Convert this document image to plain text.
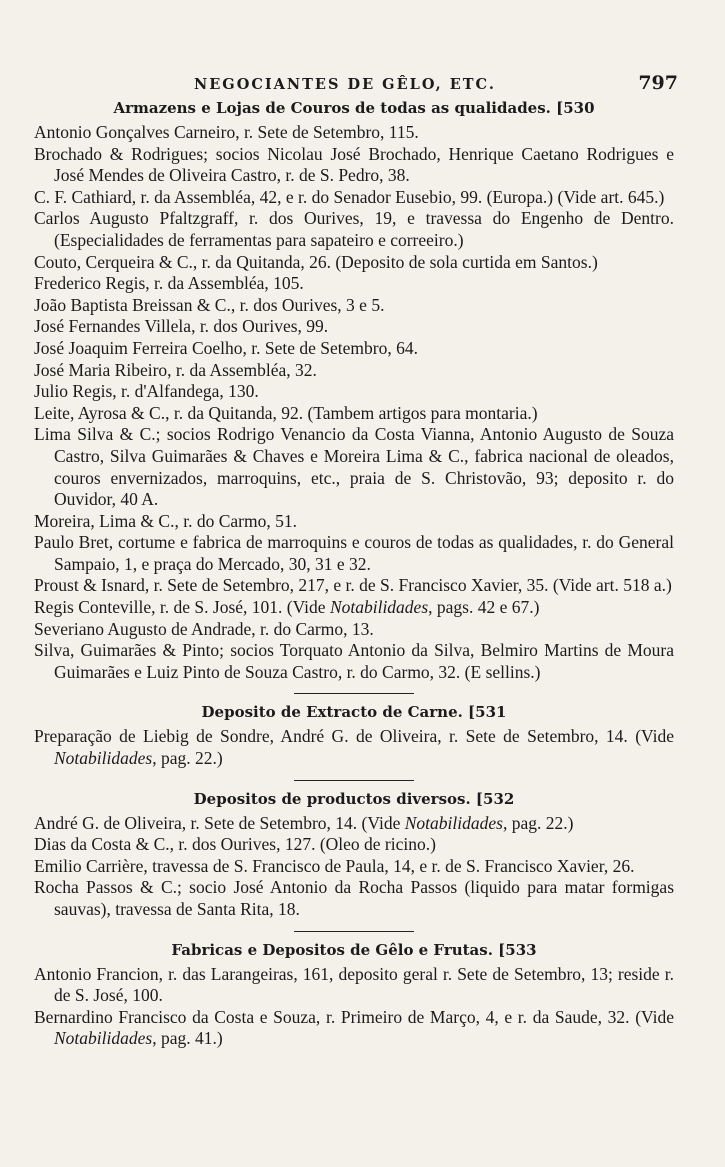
NEGOCIANTES DE GÊLO, ETC.	797
Armazens e Lojas de Couros de todas as qualidades. [530
Antonio Gonçalves Carneiro, r. Sete de Setembro, 115.
Brochado & Rodrigues; socios Nicolau José Brochado, Henrique Caetano Rodrigues e José Mendes de Oliveira Castro, r. de S. Pedro, 38.
C. F. Cathiard, r. da Assembléa, 42, e r. do Senador Eusebio, 99. (Europa.) (Vide art. 645.)
Carlos Augusto Pfaltzgraff, r. dos Ourives, 19, e travessa do Engenho de Dentro. (Especialidades de ferramentas para sapateiro e correeiro.)
Couto, Cerqueira & C., r. da Quitanda, 26. (Deposito de sola curtida em Santos.)
Frederico Regis, r. da Assembléa, 105.
João Baptista Breissan & C., r. dos Ourives, 3 e 5.
José Fernandes Villela, r. dos Ourives, 99.
José Joaquim Ferreira Coelho, r. Sete de Setembro, 64.
José Maria Ribeiro, r. da Assembléa, 32.
Julio Regis, r. d'Alfandega, 130.
Leite, Ayrosa & C., r. da Quitanda, 92. (Tambem artigos para montaria.)
Lima Silva & C.; socios Rodrigo Venancio da Costa Vianna, Antonio Augusto de Souza Castro, Silva Guimarães & Chaves e Moreira Lima & C., fabrica nacional de oleados, couros envernizados, marroquins, etc., praia de S. Christovão, 93; deposito r. do Ouvidor, 40 A.
Moreira, Lima & C., r. do Carmo, 51.
Paulo Bret, cortume e fabrica de marroquins e couros de todas as qualidades, r. do General Sampaio, 1, e praça do Mercado, 30, 31 e 32.
Proust & Isnard, r. Sete de Setembro, 217, e r. de S. Francisco Xavier, 35. (Vide art. 518 a.)
Regis Conteville, r. de S. José, 101. (Vide Notabilidades, pags. 42 e 67.)
Severiano Augusto de Andrade, r. do Carmo, 13.
Silva, Guimarães & Pinto; socios Torquato Antonio da Silva, Belmiro Martins de Moura Guimarães e Luiz Pinto de Souza Castro, r. do Carmo, 32. (E sellins.)
Deposito de Extracto de Carne. [531
Preparação de Liebig de Sondre, André G. de Oliveira, r. Sete de Setembro, 14. (Vide Notabilidades, pag. 22.)
Depositos de productos diversos. [532
André G. de Oliveira, r. Sete de Setembro, 14. (Vide Notabilidades, pag. 22.)
Dias da Costa & C., r. dos Ourives, 127. (Oleo de ricino.)
Emilio Carrière, travessa de S. Francisco de Paula, 14, e r. de S. Francisco Xavier, 26.
Rocha Passos & C.; socio José Antonio da Rocha Passos (liquido para matar formigas sauvas), travessa de Santa Rita, 18.
Fabricas e Depositos de Gêlo e Frutas. [533
Antonio Francion, r. das Larangeiras, 161, deposito geral r. Sete de Setembro, 13; reside r. de S. José, 100.
Bernardino Francisco da Costa e Souza, r. Primeiro de Março, 4, e r. da Saude, 32. (Vide Notabilidades, pag. 41.)
